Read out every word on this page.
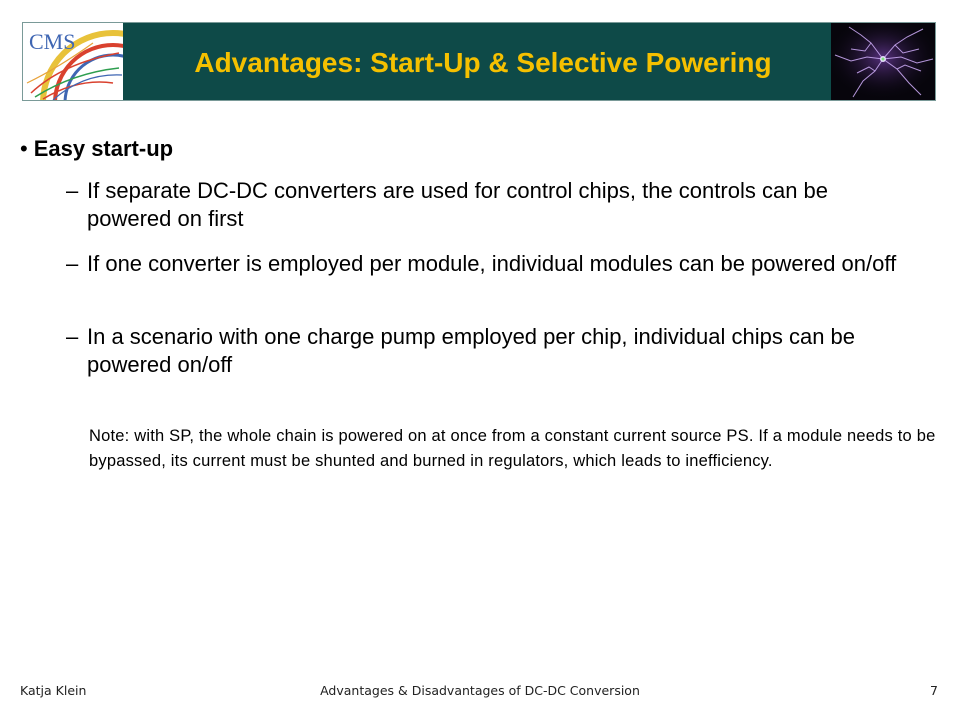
CMS
Advantages: Start-Up & Selective Powering
• Easy start-up
– If separate DC-DC converters are used for control chips, the controls can be powered on first
– If one converter is employed per module, individual modules can be powered on/off
– In a scenario with one charge pump employed per chip, individual chips can be powered on/off
Note: with SP, the whole chain is powered on at once from a constant current source PS. If a module needs to be bypassed, its current must be shunted and burned in regulators, which leads to inefficiency.
Katja Klein	Advantages & Disadvantages of DC-DC Conversion	7
